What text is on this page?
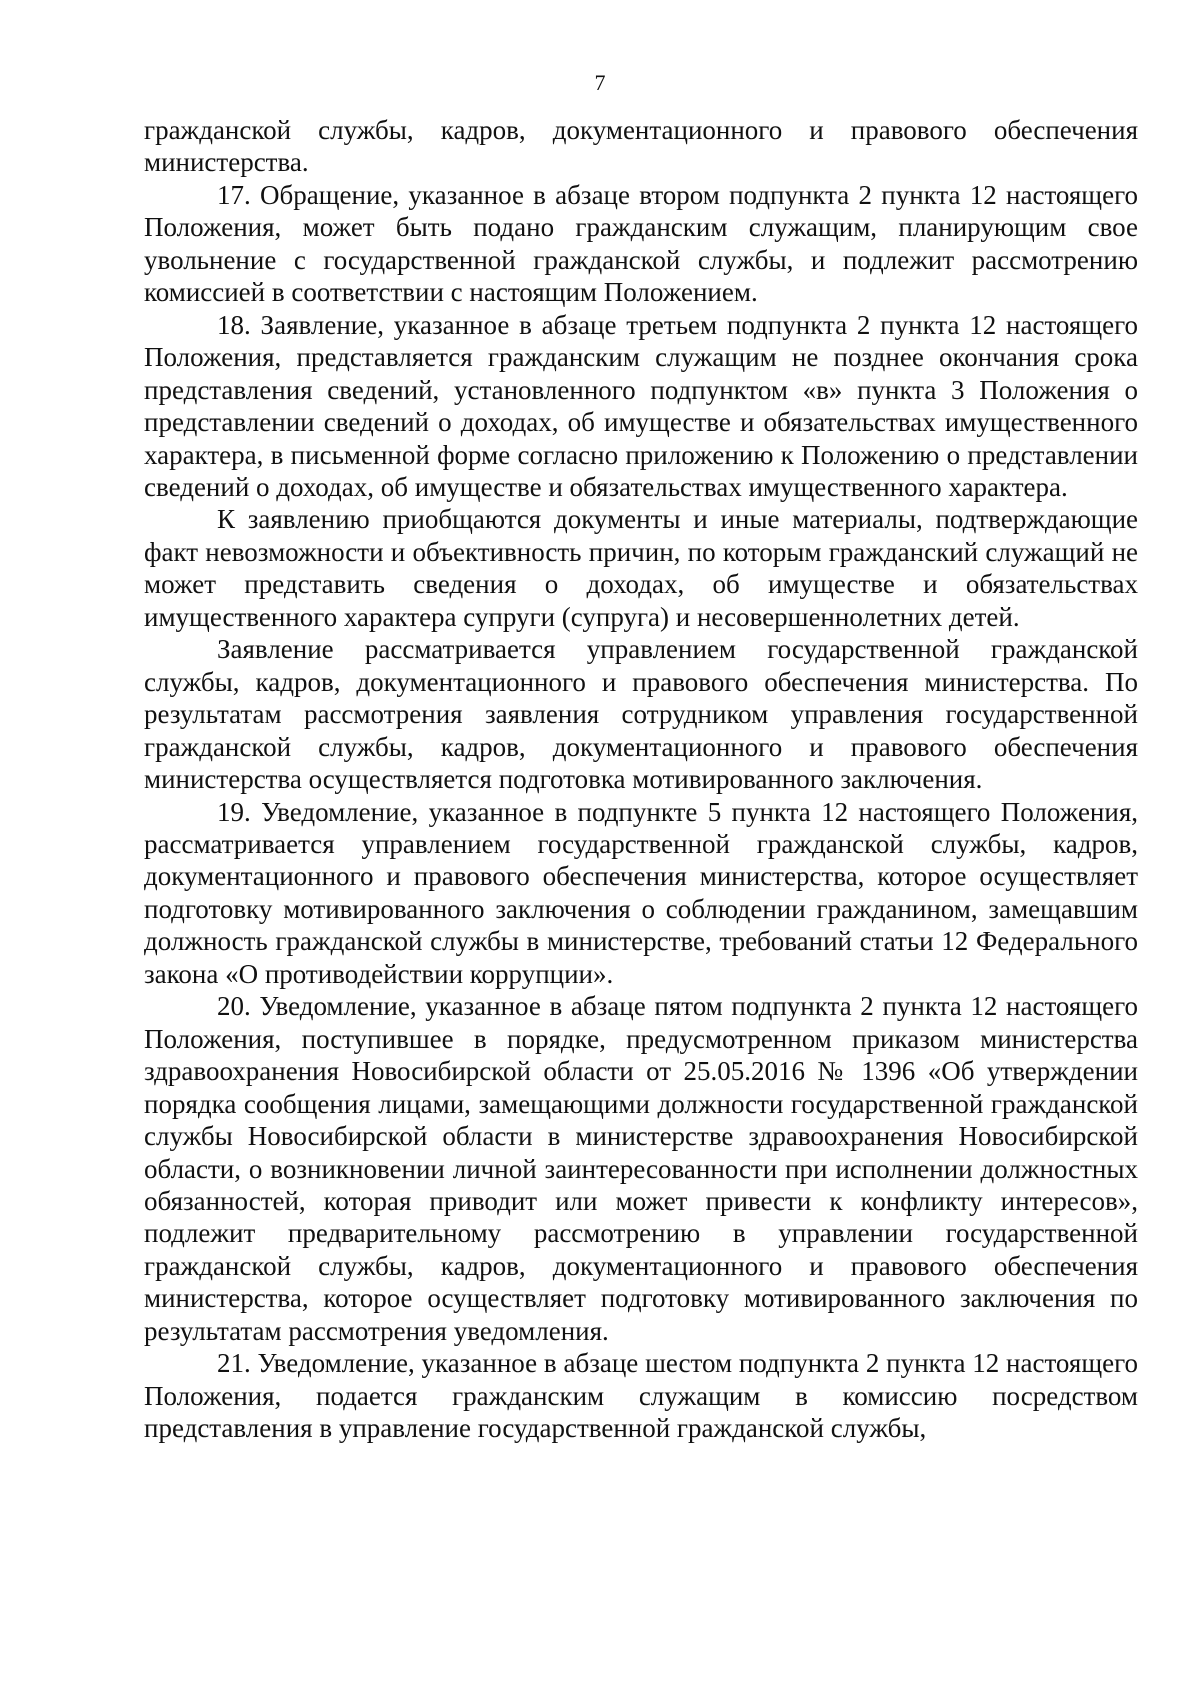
7

гражданской службы, кадров, документационного и правового обеспечения министерства.

17. Обращение, указанное в абзаце втором подпункта 2 пункта 12 настоящего Положения, может быть подано гражданским служащим, планирующим свое увольнение с государственной гражданской службы, и подлежит рассмотрению комиссией в соответствии с настоящим Положением.

18. Заявление, указанное в абзаце третьем подпункта 2 пункта 12 настоящего Положения, представляется гражданским служащим не позднее окончания срока представления сведений, установленного подпунктом «в» пункта 3 Положения о представлении сведений о доходах, об имуществе и обязательствах имущественного характера, в письменной форме согласно приложению к Положению о представлении сведений о доходах, об имуществе и обязательствах имущественного характера.

К заявлению приобщаются документы и иные материалы, подтверждающие факт невозможности и объективность причин, по которым гражданский служащий не может представить сведения о доходах, об имуществе и обязательствах имущественного характера супруги (супруга) и несовершеннолетних детей.

Заявление рассматривается управлением государственной гражданской службы, кадров, документационного и правового обеспечения министерства. По результатам рассмотрения заявления сотрудником управления государственной гражданской службы, кадров, документационного и правового обеспечения министерства осуществляется подготовка мотивированного заключения.

19. Уведомление, указанное в подпункте 5 пункта 12 настоящего Положения, рассматривается управлением государственной гражданской службы, кадров, документационного и правового обеспечения министерства, которое осуществляет подготовку мотивированного заключения о соблюдении гражданином, замещавшим должность гражданской службы в министерстве, требований статьи 12 Федерального закона «О противодействии коррупции».

20. Уведомление, указанное в абзаце пятом подпункта 2 пункта 12 настоящего Положения, поступившее в порядке, предусмотренном приказом министерства здравоохранения Новосибирской области от 25.05.2016 № 1396 «Об утверждении порядка сообщения лицами, замещающими должности государственной гражданской службы Новосибирской области в министерстве здравоохранения Новосибирской области, о возникновении личной заинтересованности при исполнении должностных обязанностей, которая приводит или может привести к конфликту интересов», подлежит предварительному рассмотрению в управлении государственной гражданской службы, кадров, документационного и правового обеспечения министерства, которое осуществляет подготовку мотивированного заключения по результатам рассмотрения уведомления.

21. Уведомление, указанное в абзаце шестом подпункта 2 пункта 12 настоящего Положения, подается гражданским служащим в комиссию посредством представления в управление государственной гражданской службы,
